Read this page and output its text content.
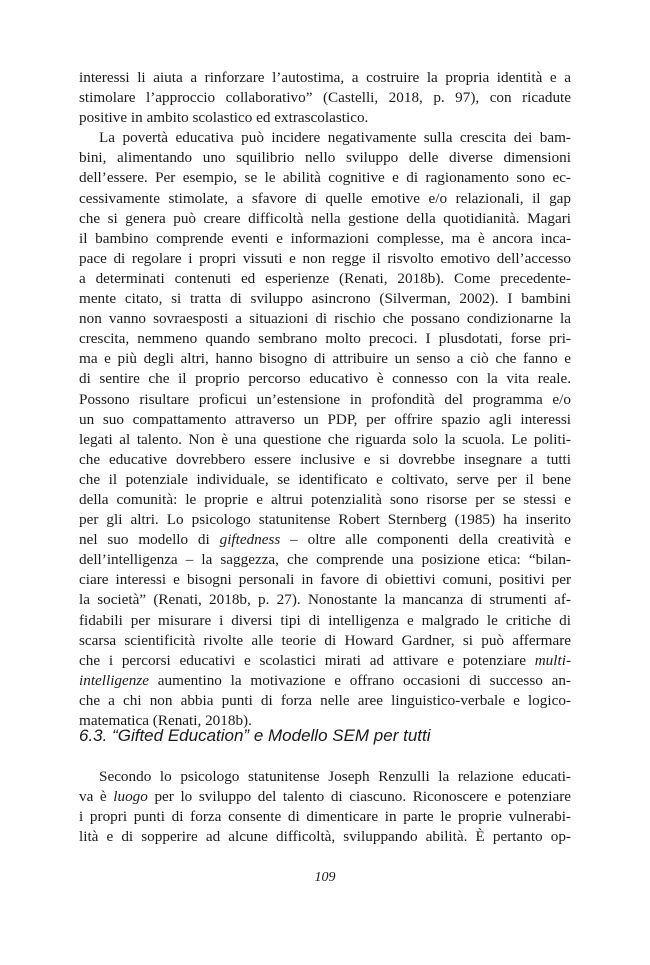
interessi li aiuta a rinforzare l’autostima, a costruire la propria identità e a
stimolare l’approccio collaborativo” (Castelli, 2018, p. 97), con ricadute
positive in ambito scolastico ed extrascolastico.
La povertà educativa può incidere negativamente sulla crescita dei bam-
bini, alimentando uno squilibrio nello sviluppo delle diverse dimensioni
dell’essere. Per esempio, se le abilità cognitive e di ragionamento sono ec-
cessivamente stimolate, a sfavore di quelle emotive e/o relazionali, il gap
che si genera può creare difficoltà nella gestione della quotidianità. Magari
il bambino comprende eventi e informazioni complesse, ma è ancora inca-
pace di regolare i propri vissuti e non regge il risvolto emotivo dell’accesso
a determinati contenuti ed esperienze (Renati, 2018b). Come precedente-
mente citato, si tratta di sviluppo asincrono (Silverman, 2002). I bambini
non vanno sovraesposti a situazioni di rischio che possano condizionarne la
crescita, nemmeno quando sembrano molto precoci. I plusdotati, forse pri-
ma e più degli altri, hanno bisogno di attribuire un senso a ciò che fanno e
di sentire che il proprio percorso educativo è connesso con la vita reale.
Possono risultare proficui un’estensione in profondità del programma e/o
un suo compattamento attraverso un PDP, per offrire spazio agli interessi
legati al talento. Non è una questione che riguarda solo la scuola. Le politi-
che educative dovrebbero essere inclusive e si dovrebbe insegnare a tutti
che il potenziale individuale, se identificato e coltivato, serve per il bene
della comunità: le proprie e altrui potenzialità sono risorse per se stessi e
per gli altri. Lo psicologo statunitense Robert Sternberg (1985) ha inserito
nel suo modello di giftedness – oltre alle componenti della creatività e
dell’intelligenza – la saggezza, che comprende una posizione etica: “bilan-
ciare interessi e bisogni personali in favore di obiettivi comuni, positivi per
la società” (Renati, 2018b, p. 27). Nonostante la mancanza di strumenti af-
fidabili per misurare i diversi tipi di intelligenza e malgrado le critiche di
scarsa scientificità rivolte alle teorie di Howard Gardner, si può affermare
che i percorsi educativi e scolastici mirati ad attivare e potenziare multi-
intelligenze aumentino la motivazione e offrano occasioni di successo an-
che a chi non abbia punti di forza nelle aree linguistico-verbale e logico-
matematica (Renati, 2018b).
6.3. “Gifted Education” e Modello SEM per tutti
Secondo lo psicologo statunitense Joseph Renzulli la relazione educati-
va è luogo per lo sviluppo del talento di ciascuno. Riconoscere e potenziare
i propri punti di forza consente di dimenticare in parte le proprie vulnerabi-
lità e di sopperire ad alcune difficoltà, sviluppando abilità. È pertanto op-
109
